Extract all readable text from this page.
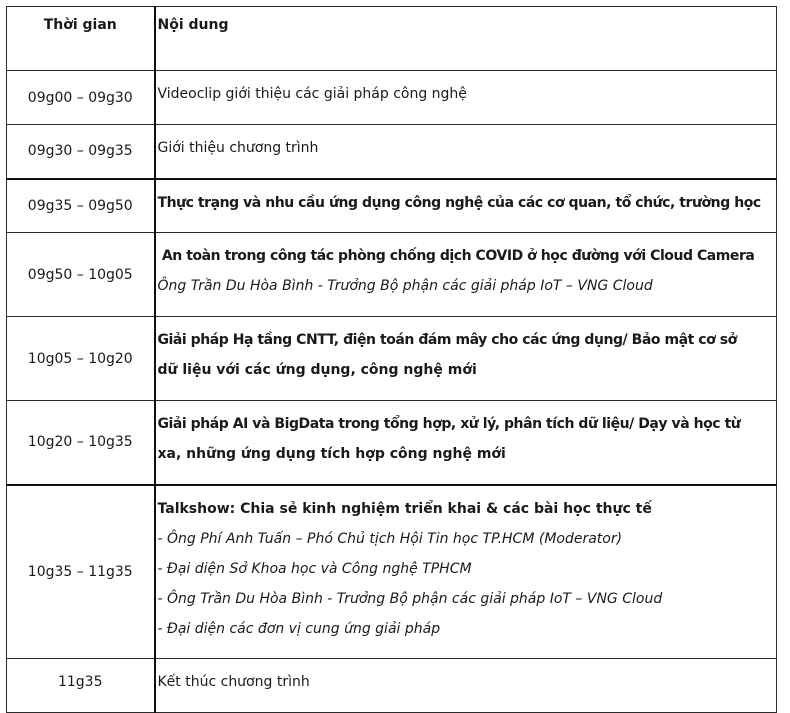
Thời gian	Nội dung
09g00 – 09g30	Videoclip giới thiệu các giải pháp công nghệ

09g30 – 09g35	Giới thiệu chương trình

09g35 – 09g50	Thực trạng và nhu cầu ứng dụng công nghệ của các cơ quan, tổ chức, trường học

09g50 – 10g05	An toàn trong công tác phòng chống dịch COVID ở học đường với Cloud Camera
Ông Trần Du Hòa Bình - Trưởng Bộ phận các giải pháp IoT – VNG Cloud

10g05 – 10g20	Giải pháp Hạ tầng CNTT, điện toán đám mây cho các ứng dụng/ Bảo mật cơ sở
dữ liệu với các ứng dụng, công nghệ mới

10g20 – 10g35	Giải pháp AI và BigData trong tổng hợp, xử lý, phân tích dữ liệu/ Dạy và học từ
xa, những ứng dụng tích hợp công nghệ mới

10g35 – 11g35	Talkshow: Chia sẻ kinh nghiệm triển khai & các bài học thực tế
- Ông Phí Anh Tuấn – Phó Chủ tịch Hội Tin học TP.HCM (Moderator)
- Đại diện Sở Khoa học và Công nghệ TPHCM
- Ông Trần Du Hòa Bình - Trưởng Bộ phận các giải pháp IoT – VNG Cloud
- Đại diện các đơn vị cung ứng giải pháp

11g35	Kết thúc chương trình
